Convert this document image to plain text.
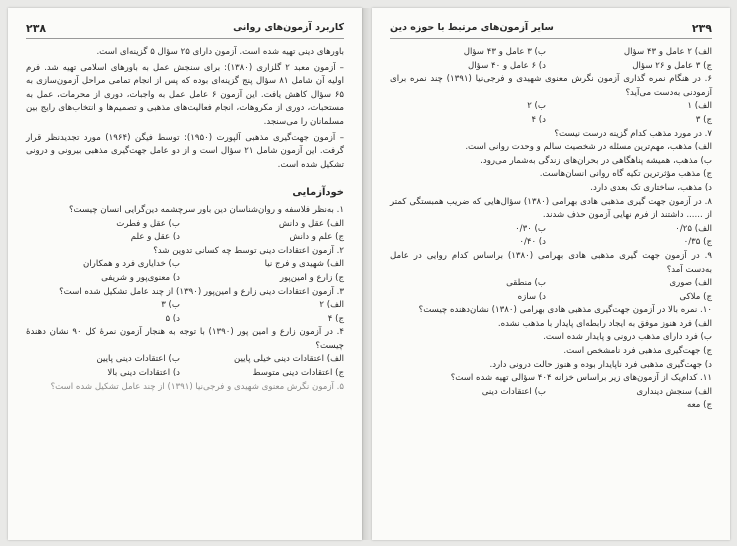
۲۳۸	کاربرد آزمون‌های روانی

باورهای دینی تهیه شده است. آزمون دارای ۲۵ سؤال ۵ گزینه‌ای است.

– آزمون معبد ۲ گلزاری (۱۳۸۰): برای سنجش عمل به باورهای اسلامی تهیه شد. فرم اولیه آن شامل ۸۱ سؤال پنج گزینه‌ای بوده که پس از انجام تمامی مراحل آزمون‌سازی به ۶۵ سؤال کاهش یافت. این آزمون ۶ عامل عمل به واجبات، دوری از محرمات، عمل به مستحبات، دوری از مکروهات، انجام فعالیت‌های مذهبی و تصمیم‌ها و انتخاب‌های رایج بین مسلمانان را می‌سنجد.

– آزمون جهت‌گیری مذهبی آلپورت (۱۹۵۰): توسط فیگن (۱۹۶۴) مورد تجدیدنظر قرار گرفت. این آزمون شامل ۲۱ سؤال است و از دو عامل جهت‌گیری مذهبی بیرونی و درونی تشکیل شده است.

خودآزمایی

۱. به‌نظر فلاسفه و روان‌شناسان دین باور سرچشمه دین‌گرایی انسان چیست؟

الف) عقل و دانش
ب) عقل و فطرت
ج) علم و دانش
د) عقل و علم

۲. آزمون اعتقادات دینی توسط چه کسانی تدوین شد؟

الف) شهیدی و فرج نیا
ب) خدایاری فرد و همکاران
ج) زارع و امین‌پور
د) معنوی‌پور و شریفی

۳. آزمون اعتقادات دینی زارع و امین‌پور (۱۳۹۰) از چند عامل تشکیل شده است؟

الف) ۲
ب) ۳
ج) ۴
د) ۵

۴. در آزمون زارع و امین پور (۱۳۹۰) با توجه به هنجار آزمون نمرهٔ کل ۹۰ نشان دهندهٔ چیست؟

الف) اعتقادات دینی خیلی پایین
ب) اعتقادات دینی پایین
ج) اعتقادات دینی متوسط
د) اعتقادات دینی بالا

۵. آزمون نگرش معنوی شهیدی و فرجی‌نیا (۱۳۹۱) از چند عامل تشکیل شده است؟

۲۳۹
سایر آزمون‌های مرتبط با حوزه دین
الف) ۲ عامل و ۴۳ سؤال
ب) ۳ عامل و ۴۳ سؤال
ج) ۳ عامل و ۲۶ سؤال
د) ۶ عامل و ۴۰ سؤال

۶. در هنگام نمره گذاری آزمون نگرش معنوی شهیدی و فرجی‌نیا (۱۳۹۱) چند نمره برای آزمودنی به‌دست می‌آید؟

الف) ۱
ب) ۲
ج) ۳
د) ۴

۷. در مورد مذهب کدام گزینه درست نیست؟

الف) مذهب، مهم‌ترین مسئله در شخصیت سالم و وحدت روانی است.
ب) مذهب، همیشه پناهگاهی در بحران‌های زندگی به‌شمار می‌رود.
ج) مذهب مؤثرترین تکیه گاه روانی انسان‌هاست.
د) مذهب، ساختاری تک بعدی دارد.

۸. در آزمون جهت گیری مذهبی هادی بهرامی (۱۳۸۰) سؤال‌هایی که ضریب همبستگی کمتر از ...... داشتند از فرم نهایی آزمون حذف شدند.

الف) ۰/۲۵
ب) ۰/۳۰
ج) ۰/۳۵
د) ۰/۴۰

۹. در آزمون جهت گیری مذهبی هادی بهرامی (۱۳۸۰) براساس کدام روایی در عامل به‌دست آمد؟

الف) صوری
ب) منطقی
ج) ملاکی
د) سازه

۱۰. نمره بالا در آزمون جهت‌گیری مذهبی هادی بهرامی (۱۳۸۰) نشان‌دهنده چیست؟

الف) فرد هنوز موفق به ایجاد رابطه‌ای پایدار با مذهب نشده.
ب) فرد دارای مذهب درونی و پایدار شده است.
ج) جهت‌گیری مذهبی فرد نامشخص است.
د) جهت‌گیری مذهبی فرد ناپایدار بوده و هنوز حالت درونی دارد.

۱۱. کدام‌یک از آزمون‌های زیر براساس خزانه ۴۰۴ سؤالی تهیه شده است؟

الف) سنجش دینداری
ب) اعتقادات دینی
ج) معه
